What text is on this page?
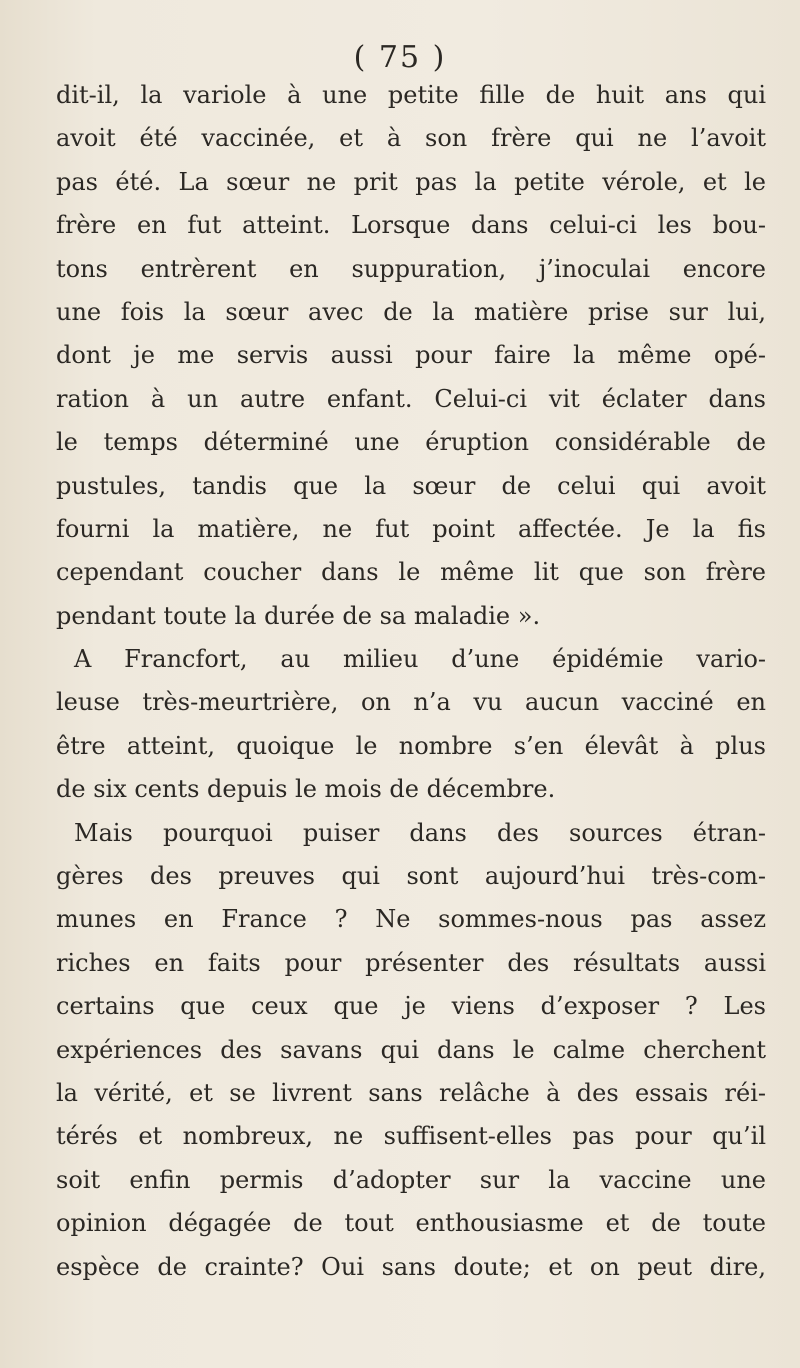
( 75 )
dit-il, la variole à une petite fille de huit ans qui
avoit été vaccinée, et à son frère qui ne l’avoit
pas été. La sœur ne prit pas la petite vérole, et le
frère en fut atteint. Lorsque dans celui-ci les bou-
tons entrèrent en suppuration, j’inoculai encore
une fois la sœur avec de la matière prise sur lui,
dont je me servis aussi pour faire la même opé-
ration à un autre enfant. Celui-ci vit éclater dans
le temps déterminé une éruption considérable de
pustules, tandis que la sœur de celui qui avoit
fourni la matière, ne fut point affectée. Je la fis
cependant coucher dans le même lit que son frère
pendant toute la durée de sa maladie ».
A Francfort, au milieu d’une épidémie vario-
leuse très-meurtrière, on n’a vu aucun vacciné en
être atteint, quoique le nombre s’en élevât à plus
de six cents depuis le mois de décembre.
Mais pourquoi puiser dans des sources étran-
gères des preuves qui sont aujourd’hui très-com-
munes en France ? Ne sommes-nous pas assez
riches en faits pour présenter des résultats aussi
certains que ceux que je viens d’exposer ? Les
expériences des savans qui dans le calme cherchent
la vérité, et se livrent sans relâche à des essais réi-
térés et nombreux, ne suffisent-elles pas pour qu’il
soit enfin permis d’adopter sur la vaccine une
opinion dégagée de tout enthousiasme et de toute
espèce de crainte? Oui sans doute; et on peut dire,
